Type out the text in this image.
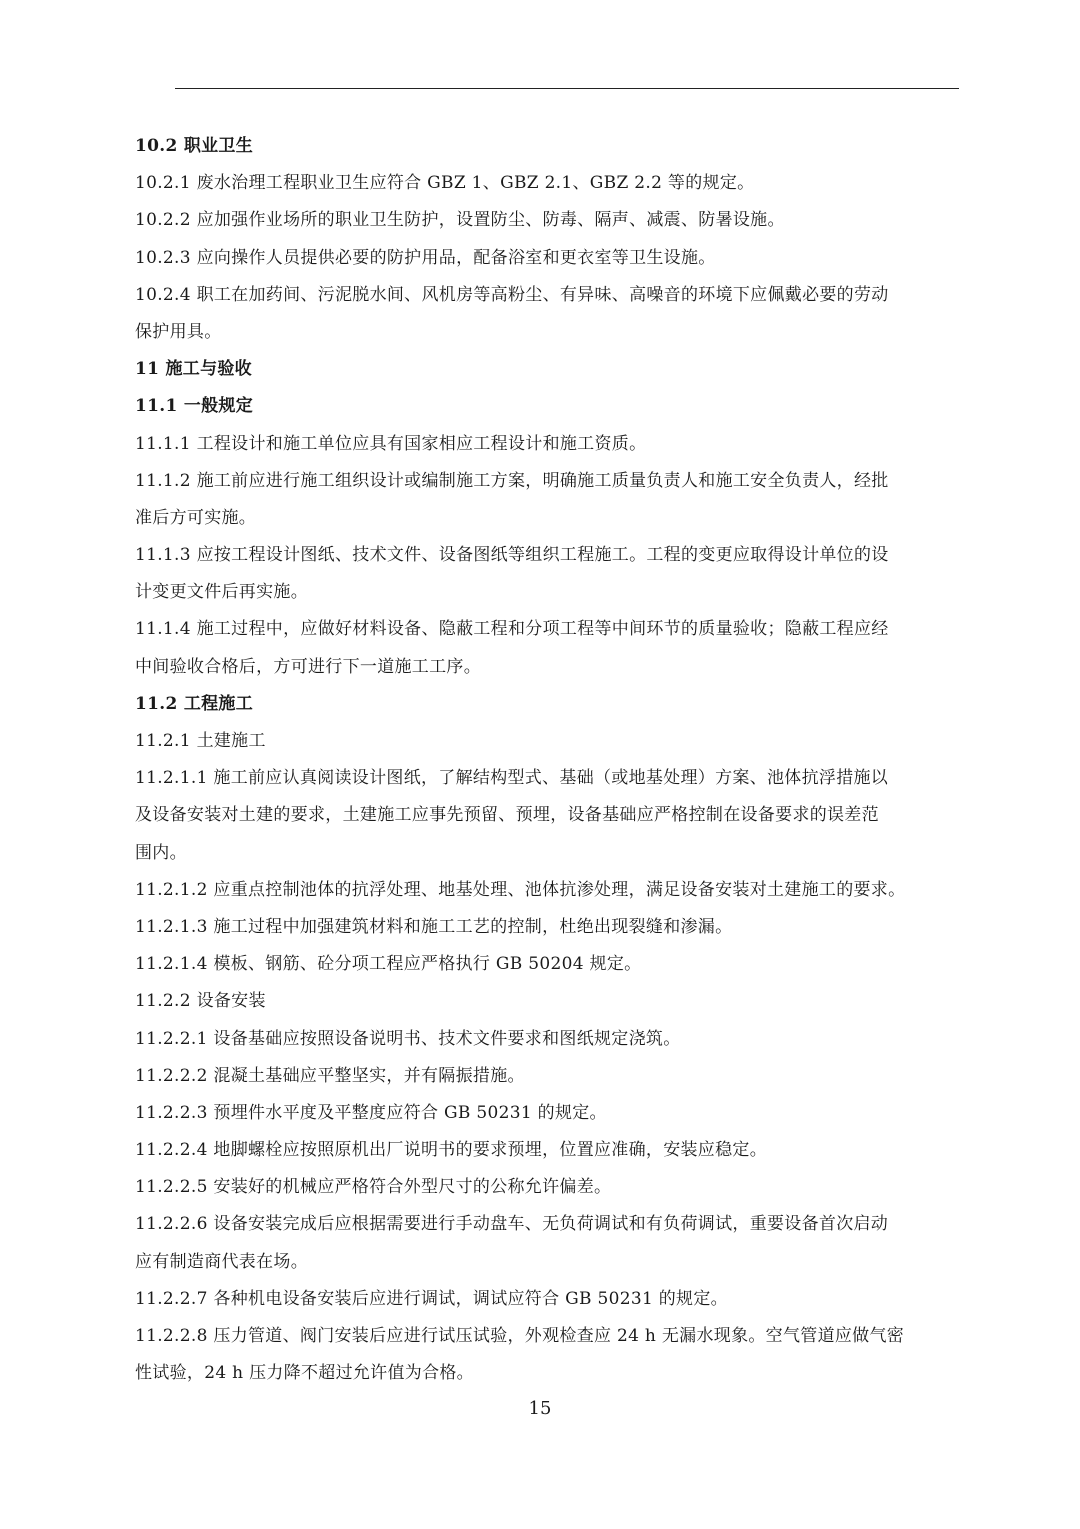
10.2 职业卫生
10.2.1 废水治理工程职业卫生应符合 GBZ 1、GBZ 2.1、GBZ 2.2 等的规定。
10.2.2 应加强作业场所的职业卫生防护，设置防尘、防毒、隔声、减震、防暑设施。
10.2.3 应向操作人员提供必要的防护用品，配备浴室和更衣室等卫生设施。
10.2.4 职工在加药间、污泥脱水间、风机房等高粉尘、有异味、高噪音的环境下应佩戴必要的劳动
保护用具。
11 施工与验收
11.1 一般规定
11.1.1 工程设计和施工单位应具有国家相应工程设计和施工资质。
11.1.2 施工前应进行施工组织设计或编制施工方案，明确施工质量负责人和施工安全负责人，经批
准后方可实施。
11.1.3 应按工程设计图纸、技术文件、设备图纸等组织工程施工。工程的变更应取得设计单位的设
计变更文件后再实施。
11.1.4 施工过程中，应做好材料设备、隐蔽工程和分项工程等中间环节的质量验收；隐蔽工程应经
中间验收合格后，方可进行下一道施工工序。
11.2 工程施工
11.2.1 土建施工
11.2.1.1 施工前应认真阅读设计图纸，了解结构型式、基础（或地基处理）方案、池体抗浮措施以
及设备安装对土建的要求，土建施工应事先预留、预埋，设备基础应严格控制在设备要求的误差范
围内。
11.2.1.2 应重点控制池体的抗浮处理、地基处理、池体抗渗处理，满足设备安装对土建施工的要求。
11.2.1.3 施工过程中加强建筑材料和施工工艺的控制，杜绝出现裂缝和渗漏。
11.2.1.4 模板、钢筋、砼分项工程应严格执行 GB 50204 规定。
11.2.2 设备安装
11.2.2.1 设备基础应按照设备说明书、技术文件要求和图纸规定浇筑。
11.2.2.2 混凝土基础应平整坚实，并有隔振措施。
11.2.2.3 预埋件水平度及平整度应符合 GB 50231 的规定。
11.2.2.4 地脚螺栓应按照原机出厂说明书的要求预埋，位置应准确，安装应稳定。
11.2.2.5 安装好的机械应严格符合外型尺寸的公称允许偏差。
11.2.2.6 设备安装完成后应根据需要进行手动盘车、无负荷调试和有负荷调试，重要设备首次启动
应有制造商代表在场。
11.2.2.7 各种机电设备安装后应进行调试，调试应符合 GB 50231 的规定。
11.2.2.8 压力管道、阀门安装后应进行试压试验，外观检查应 24 h 无漏水现象。空气管道应做气密
性试验，24 h 压力降不超过允许值为合格。
15
